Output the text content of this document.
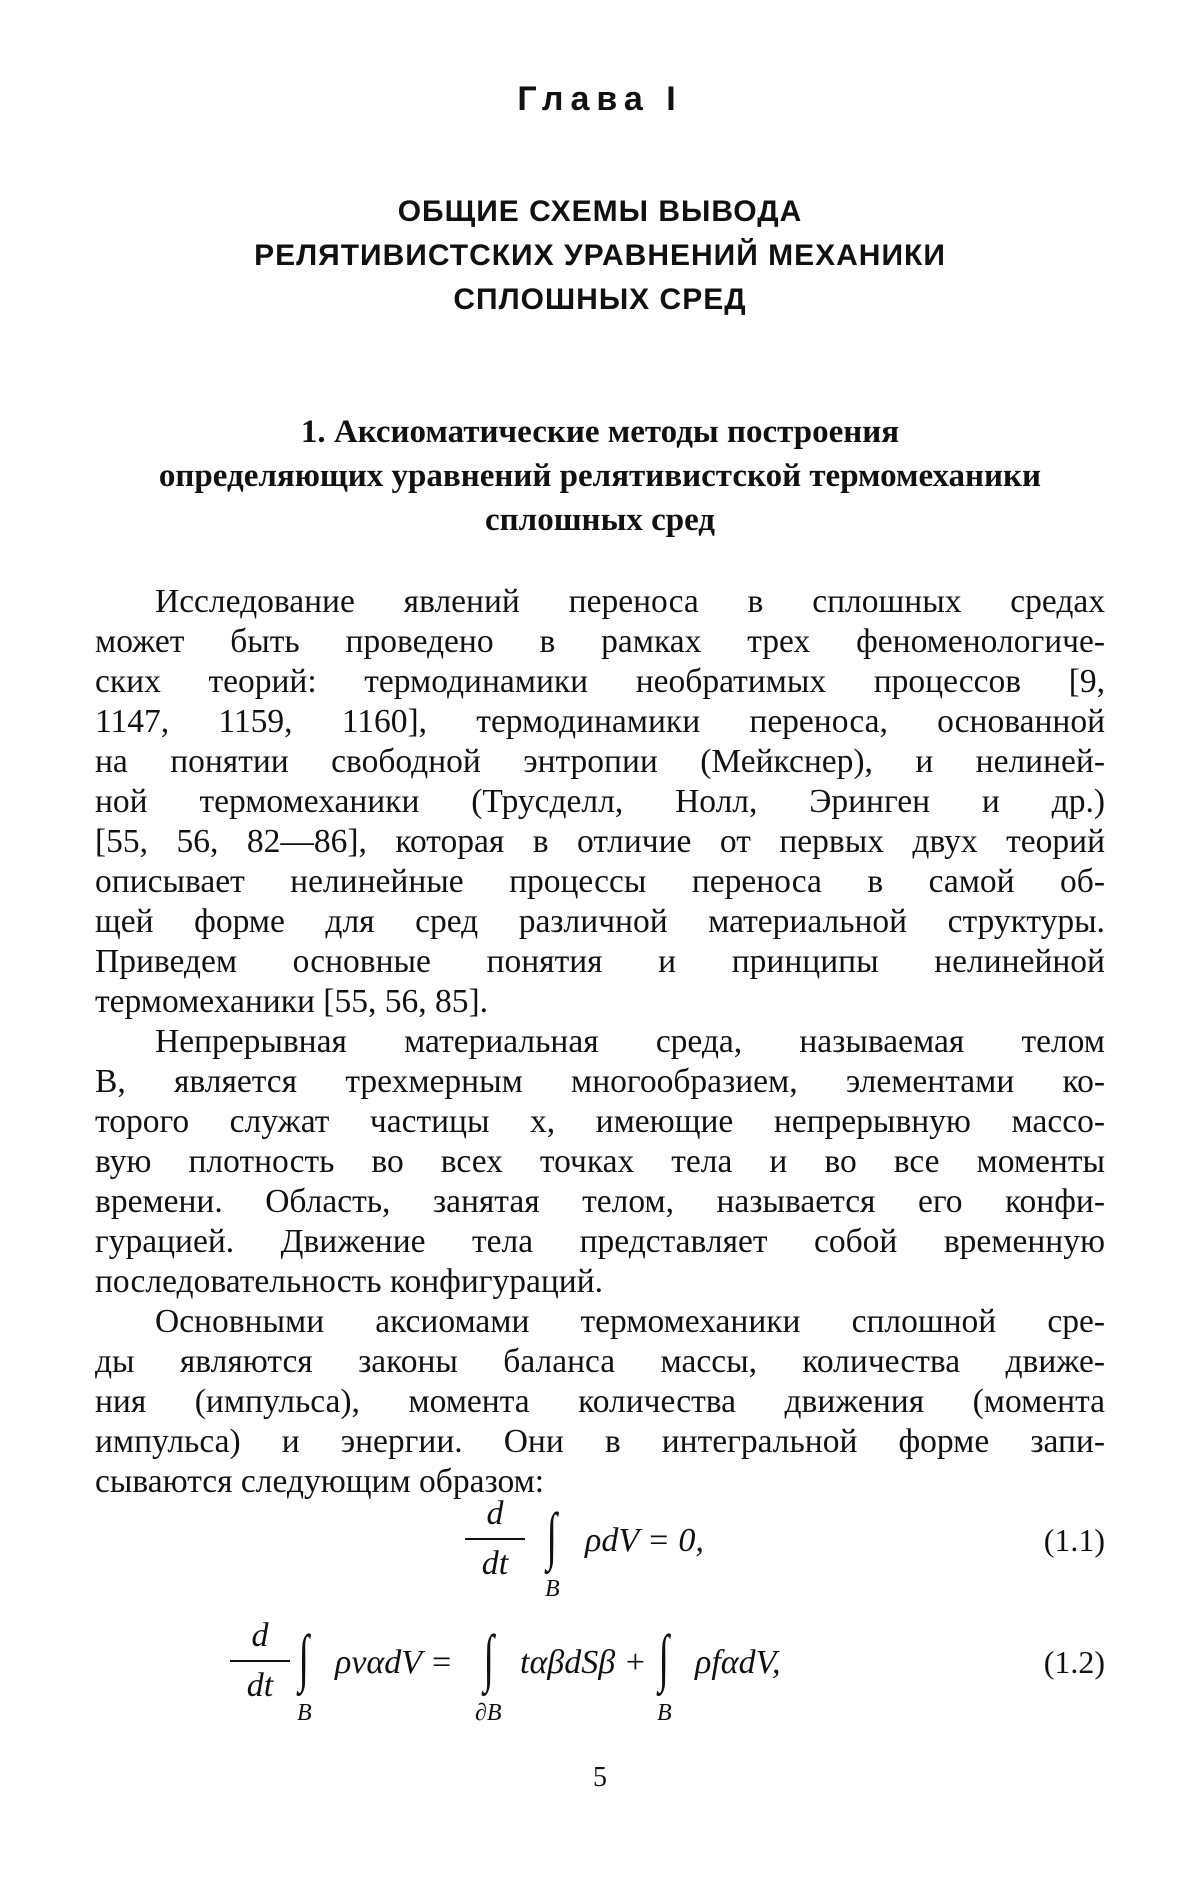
Глава I
ОБЩИЕ СХЕМЫ ВЫВОДА
РЕЛЯТИВИСТСКИХ УРАВНЕНИЙ МЕХАНИКИ
СПЛОШНЫХ СРЕД
1. Аксиоматические методы построения
определяющих уравнений релятивистской термомеханики
сплошных сред
Исследование явлений переноса в сплошных средах
может быть проведено в рамках трех феноменологиче-
ских теорий: термодинамики необратимых процессов [9,
1147, 1159, 1160], термодинамики переноса, основанной
на понятии свободной энтропии (Мейкснер), и нелиней-
ной термомеханики (Трусделл, Нолл, Эринген и др.)
[55, 56, 82—86], которая в отличие от первых двух теорий
описывает нелинейные процессы переноса в самой об-
щей форме для сред различной материальной структуры.
Приведем основные понятия и принципы нелинейной
термомеханики [55, 56, 85].
Непрерывная материальная среда, называемая телом
B, является трехмерным многообразием, элементами ко-
торого служат частицы x, имеющие непрерывную массо-
вую плотность во всех точках тела и во все моменты
времени. Область, занятая телом, называется его конфи-
гурацией. Движение тела представляет собой временную
последовательность конфигураций.
Основными аксиомами термомеханики сплошной сре-
ды являются законы баланса массы, количества движе-
ния (импульса), момента количества движения (момента
импульса) и энергии. Они в интегральной форме запи-
сываются следующим образом:
$\frac{d}{dt}$ ∫
B
ρdV = 0,	(1.1)
$\frac{d}{dt}$ ∫
B
ρvαdV = ∫
∂B
tαβdSβ + ∫
B
ρfαdV,	(1.2)
5
